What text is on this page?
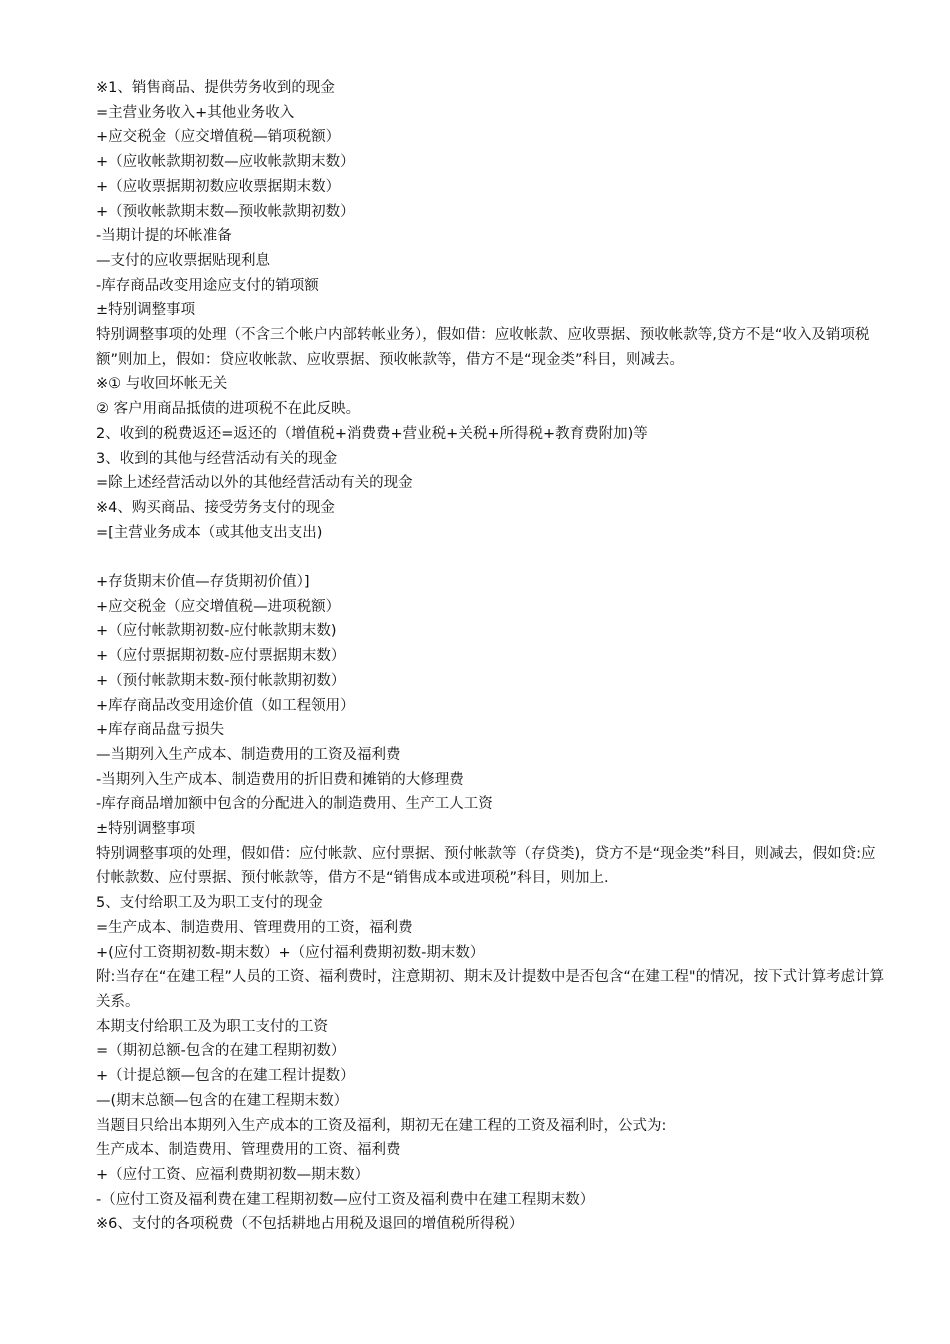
※1、销售商品、提供劳务收到的现金
=主营业务收入+其他业务收入
+应交税金（应交增值税—销项税额）
+（应收帐款期初数—应收帐款期末数）
+（应收票据期初数应收票据期末数）
+（预收帐款期末数—预收帐款期初数）
-当期计提的坏帐准备
—支付的应收票据贴现利息
-库存商品改变用途应支付的销项额
±特别调整事项
特别调整事项的处理（不含三个帐户内部转帐业务），假如借：应收帐款、应收票据、预收帐款等,贷方不是“收入及销项税额”则加上，假如：贷应收帐款、应收票据、预收帐款等，借方不是“现金类”科目，则减去。
※① 与收回坏帐无关
② 客户用商品抵债的进项税不在此反映。
2、收到的税费返还=返还的（增值税+消费费+营业税+关税+所得税+教育费附加)等
3、收到的其他与经营活动有关的现金
=除上述经营活动以外的其他经营活动有关的现金
※4、购买商品、接受劳务支付的现金
=[主营业务成本（或其他支出支出)
+存货期末价值—存货期初价值）]
+应交税金（应交增值税—进项税额）
+（应付帐款期初数-应付帐款期末数)
+（应付票据期初数-应付票据期末数）
+（预付帐款期末数-预付帐款期初数）
+库存商品改变用途价值（如工程领用）
+库存商品盘亏损失
—当期列入生产成本、制造费用的工资及福利费
-当期列入生产成本、制造费用的折旧费和摊销的大修理费
-库存商品增加额中包含的分配进入的制造费用、生产工人工资
±特别调整事项
特别调整事项的处理，假如借：应付帐款、应付票据、预付帐款等（存贷类)，贷方不是“现金类”科目，则减去，假如贷:应付帐款数、应付票据、预付帐款等，借方不是“销售成本或进项税”科目，则加上.
5、支付给职工及为职工支付的现金
=生产成本、制造费用、管理费用的工资，福利费
+(应付工资期初数-期末数）+（应付福利费期初数-期末数）
附:当存在“在建工程”人员的工资、福利费时，注意期初、期末及计提数中是否包含“在建工程"的情况，按下式计算考虑计算关系。
本期支付给职工及为职工支付的工资
=（期初总额-包含的在建工程期初数）
+（计提总额—包含的在建工程计提数）
—(期末总额—包含的在建工程期末数）
当题目只给出本期列入生产成本的工资及福利，期初无在建工程的工资及福利时，公式为:
生产成本、制造费用、管理费用的工资、福利费
+（应付工资、应福利费期初数—期末数）
-（应付工资及福利费在建工程期初数—应付工资及福利费中在建工程期末数）
※6、支付的各项税费（不包括耕地占用税及退回的增值税所得税）
